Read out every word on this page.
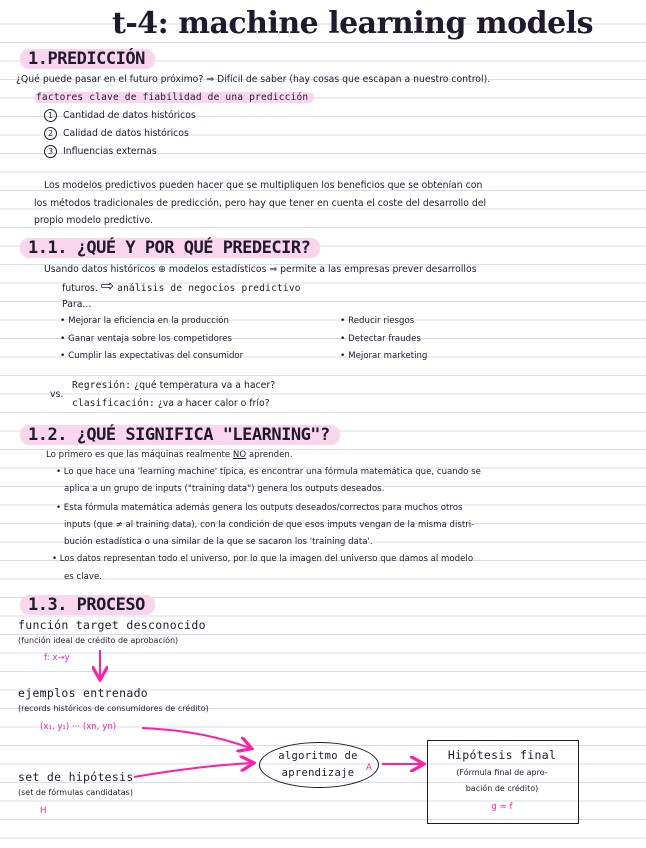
t-4: machine learning models
1.PREDICCIÓN
¿Qué puede pasar en el futuro próximo? ⇒ Difícil de saber (hay cosas que escapan a nuestro control).
factores clave de fiabilidad de una predicción
1 Cantidad de datos históricos
2 Calidad de datos históricos
3 Influencias externas
Los modelos predictivos pueden hacer que se multipliquen los beneficios que se obtenían con
los métodos tradicionales de predicción, pero hay que tener en cuenta el coste del desarrollo del
propio modelo predictivo.
1.1. ¿QUÉ Y POR QUÉ PREDECIR?
Usando datos históricos ⊕ modelos estadísticos ⇒ permite a las empresas prever desarrollos
futuros. ⇨ análisis de negocios predictivo
Para...
• Mejorar la eficiencia en la producción
• Ganar ventaja sobre los competidores
• Cumplir las expectativas del consumidor
• Reducir riesgos
• Detectar fraudes
• Mejorar marketing
vs.
Regresión: ¿qué temperatura va a hacer?
clasificación: ¿va a hacer calor o frío?
1.2. ¿QUÉ SIGNIFICA "LEARNING"?
Lo primero es que las máquinas realmente NO aprenden.
• Lo que hace una 'learning machine' típica, es encontrar una fórmula matemática que, cuando se
aplica a un grupo de inputs ("training data") genera los outputs deseados.
• Esta fórmula matemática además genera los outputs deseados/correctos para muchos otros
inputs (que ≠ al training data), con la condición de que esos imputs vengan de la misma distri-
bución estadística o una similar de la que se sacaron los 'training data'.
• Los datos representan todo el universo, por lo que la imagen del universo que damos al modelo
es clave.
1.3. PROCESO
función target desconocido
(función ideal de crédito de aprobación)
f: x→y
ejemplos entrenado
(records históricos de consumidores de crédito)
(x₁, y₁) ··· (xn, yn)
set de hipótesis
(set de fórmulas candidatas)
H
algoritmo de
aprendizaje	A
Hipótesis final
(Fórmula final de apro-
bación de crédito)
g ≈ f
